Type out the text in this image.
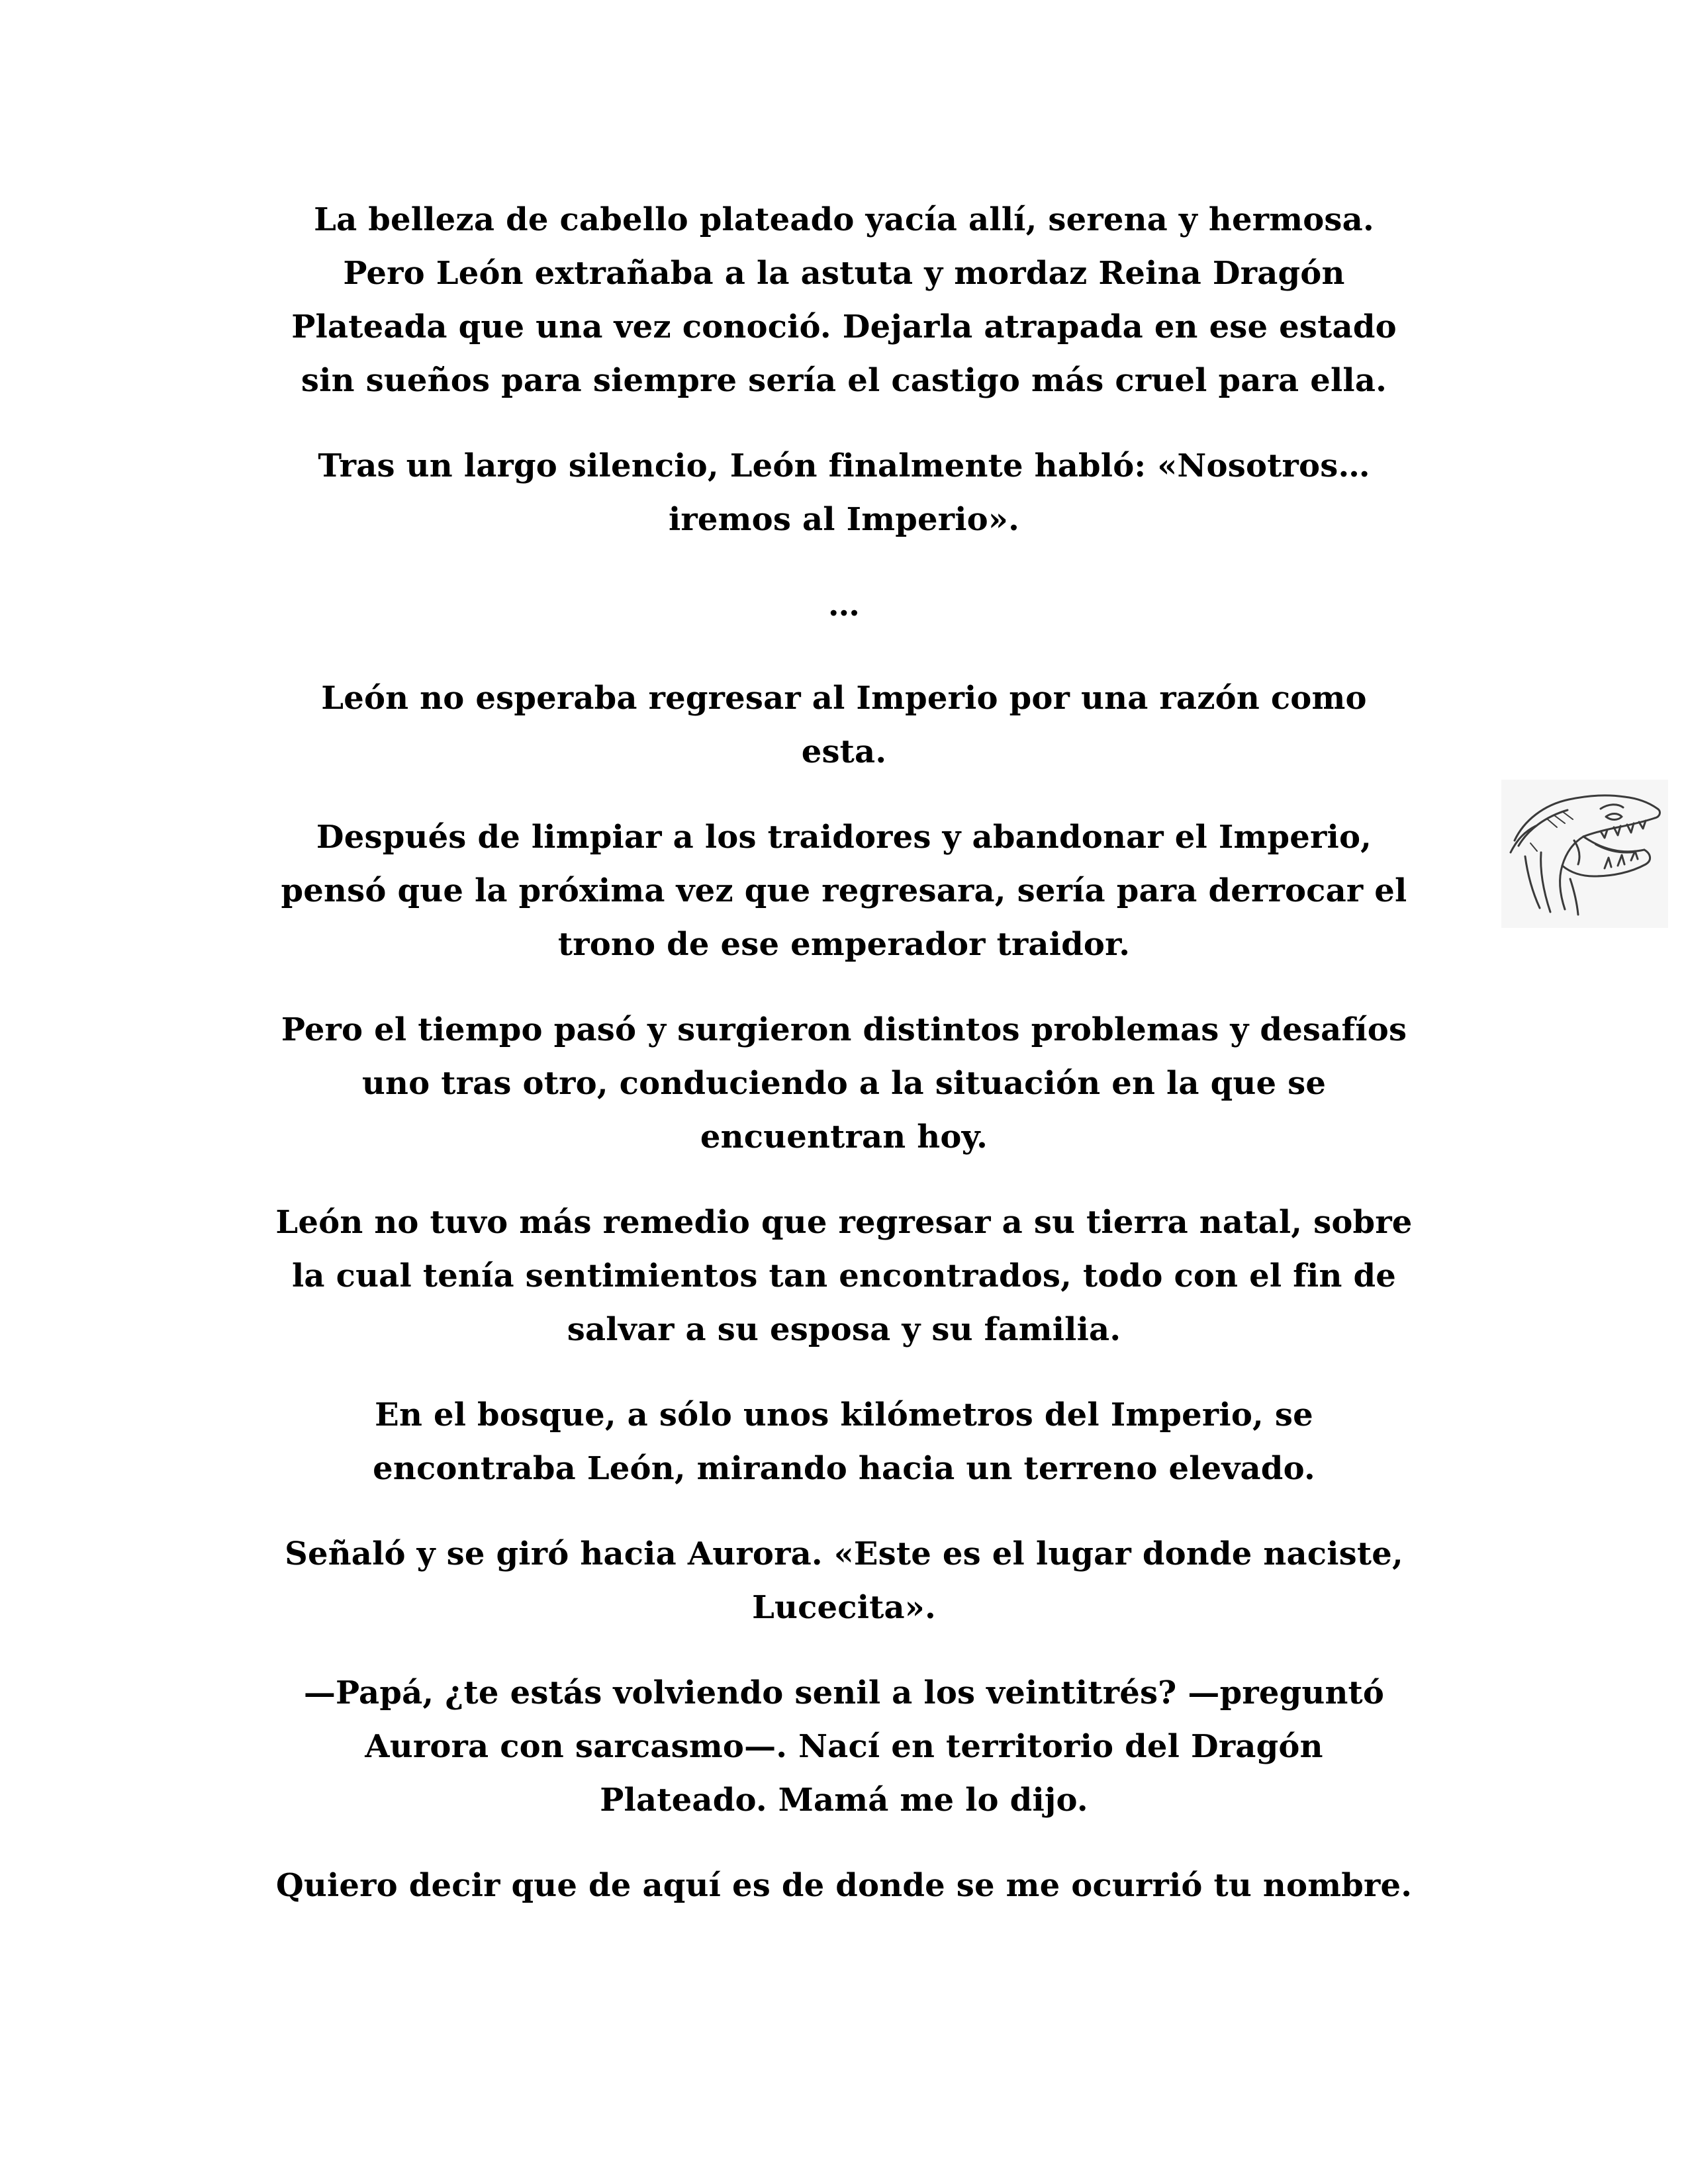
La belleza de cabello plateado yacía allí, serena y hermosa.
Pero León extrañaba a la astuta y mordaz Reina Dragón
Plateada que una vez conoció. Dejarla atrapada en ese estado
sin sueños para siempre sería el castigo más cruel para ella.

Tras un largo silencio, León finalmente habló: «Nosotros…
iremos al Imperio».

…

León no esperaba regresar al Imperio por una razón como
esta.

Después de limpiar a los traidores y abandonar el Imperio,
pensó que la próxima vez que regresara, sería para derrocar el
trono de ese emperador traidor.

Pero el tiempo pasó y surgieron distintos problemas y desafíos
uno tras otro, conduciendo a la situación en la que se
encuentran hoy.

León no tuvo más remedio que regresar a su tierra natal, sobre
la cual tenía sentimientos tan encontrados, todo con el fin de
salvar a su esposa y su familia.

En el bosque, a sólo unos kilómetros del Imperio, se
encontraba León, mirando hacia un terreno elevado.

Señaló y se giró hacia Aurora. «Este es el lugar donde naciste,
Lucecita».

—Papá, ¿te estás volviendo senil a los veintitrés? —preguntó
Aurora con sarcasmo—. Nací en territorio del Dragón
Plateado. Mamá me lo dijo.

Quiero decir que de aquí es de donde se me ocurrió tu nombre.
